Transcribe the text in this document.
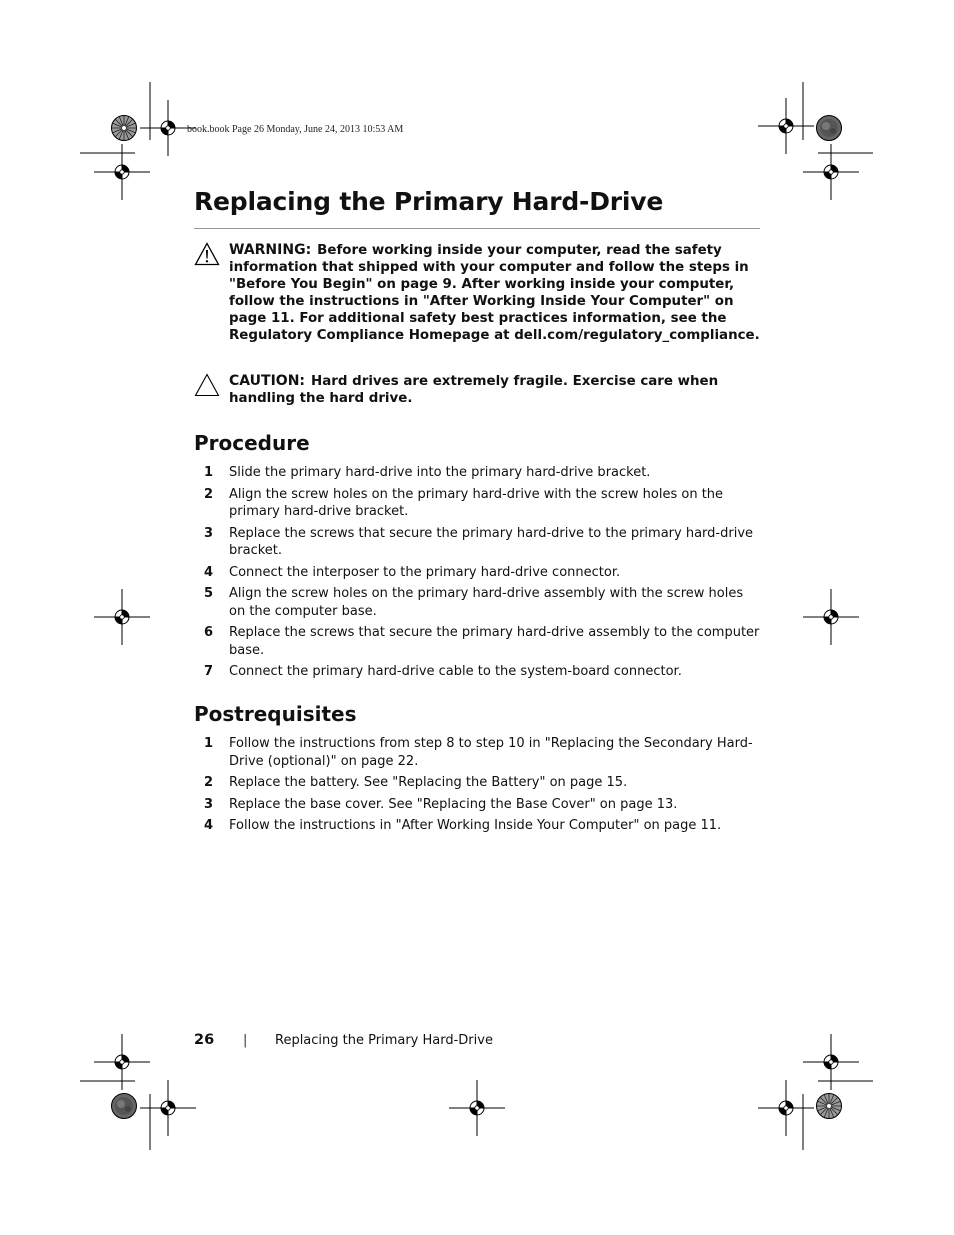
book.book Page 26 Monday, June 24, 2013 10:53 AM
Replacing the Primary Hard-Drive
WARNING: Before working inside your computer, read the safety information that shipped with your computer and follow the steps in "Before You Begin" on page 9. After working inside your computer, follow the instructions in "After Working Inside Your Computer" on page 11. For additional safety best practices information, see the Regulatory Compliance Homepage at dell.com/regulatory_compliance.
CAUTION: Hard drives are extremely fragile. Exercise care when handling the hard drive.
Procedure
1 Slide the primary hard-drive into the primary hard-drive bracket.
2 Align the screw holes on the primary hard-drive with the screw holes on the primary hard-drive bracket.
3 Replace the screws that secure the primary hard-drive to the primary hard-drive bracket.
4 Connect the interposer to the primary hard-drive connector.
5 Align the screw holes on the primary hard-drive assembly with the screw holes on the computer base.
6 Replace the screws that secure the primary hard-drive assembly to the computer base.
7 Connect the primary hard-drive cable to the system-board connector.
Postrequisites
1 Follow the instructions from step 8 to step 10 in "Replacing the Secondary Hard-Drive (optional)" on page 22.
2 Replace the battery. See "Replacing the Battery" on page 15.
3 Replace the base cover. See "Replacing the Base Cover" on page 13.
4 Follow the instructions in "After Working Inside Your Computer" on page 11.
26 | Replacing the Primary Hard-Drive
